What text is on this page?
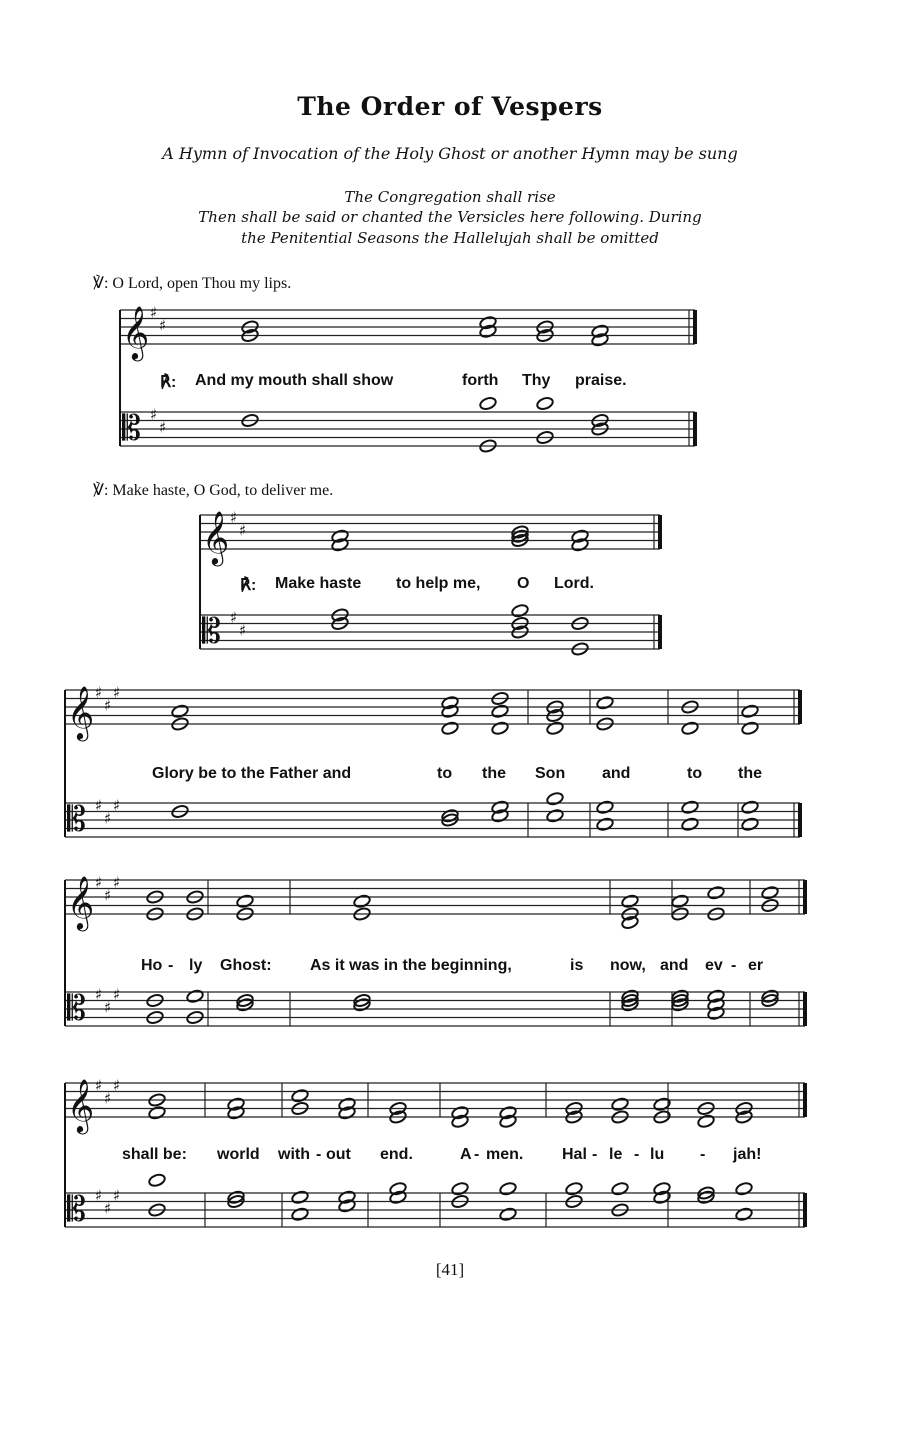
The Order of Vespers
A Hymn of Invocation of the Holy Ghost or another Hymn may be sung
The Congregation shall rise
Then shall be said or chanted the Versicles here following. During
the Penitential Seasons the Hallelujah shall be omitted
℣: O Lord, open Thou my lips.
𝄞 ♯
♯
𝄡 ♯
♯
𝄞 ♯
♯
𝄡 ♯
♯
𝄞 ♯
♯
♯
𝄡 ♯
♯
♯
𝄞 ♯
♯
♯
𝄡 ♯
♯
♯
𝄞 ♯
♯
♯
𝄡 ♯
♯
♯

℟:

And my mouth shall show

	forth

Thy

praise.

℣: Make haste, O God, to deliver me.

℟:

Make haste

to help me,

O

Lord.

Glory be to the Father and

	to

the

Son

and

	to

the

Ho

-

ly

Ghost:

As it was in the beginning,

	is

now,

and

ev

-

er

shall be:

world

with

-

out

end.

	A

-

men.

Hal

-

le

-

lu

-

jah!

[41]
